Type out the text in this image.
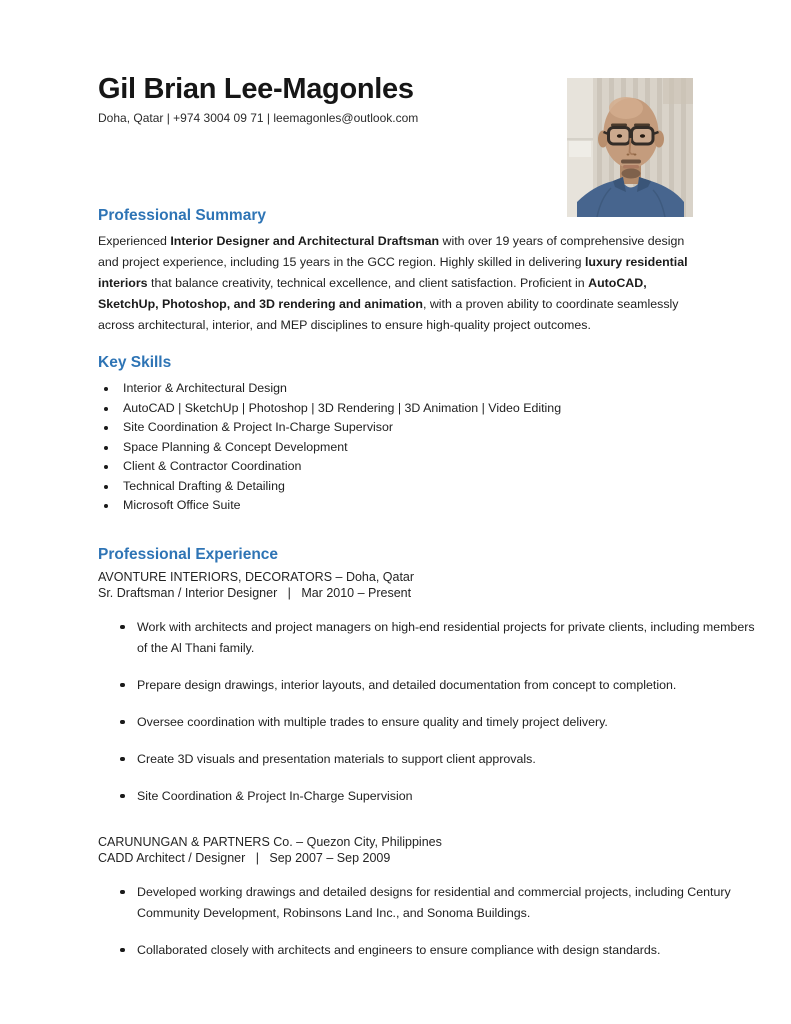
Gil Brian Lee-Magonles
Doha, Qatar | +974 3004 09 71 | leemagonles@outlook.com
Professional Summary

Experienced Interior Designer and Architectural Draftsman with over 19 years of comprehensive design and project experience, including 15 years in the GCC region. Highly skilled in delivering luxury residential interiors that balance creativity, technical excellence, and client satisfaction. Proficient in AutoCAD, SketchUp, Photoshop, and 3D rendering and animation, with a proven ability to coordinate seamlessly across architectural, interior, and MEP disciplines to ensure high-quality project outcomes.

Key Skills
Interior & Architectural Design
AutoCAD | SketchUp | Photoshop | 3D Rendering | 3D Animation | Video Editing
Site Coordination & Project In-Charge Supervisor
Space Planning & Concept Development
Client & Contractor Coordination
Technical Drafting & Detailing
Microsoft Office Suite
Professional Experience
AVONTURE INTERIORS, DECORATORS – Doha, Qatar
Sr. Draftsman / Interior Designer   |   Mar 2010 – Present
Work with architects and project managers on high-end residential projects for private clients, including members of the Al Thani family.
Prepare design drawings, interior layouts, and detailed documentation from concept to completion.
Oversee coordination with multiple trades to ensure quality and timely project delivery.
Create 3D visuals and presentation materials to support client approvals.
Site Coordination & Project In-Charge Supervision
CARUNUNGAN & PARTNERS Co. – Quezon City, Philippines
CADD Architect / Designer   |   Sep 2007 – Sep 2009
Developed working drawings and detailed designs for residential and commercial projects, including Century Community Development, Robinsons Land Inc., and Sonoma Buildings.
Collaborated closely with architects and engineers to ensure compliance with design standards.
